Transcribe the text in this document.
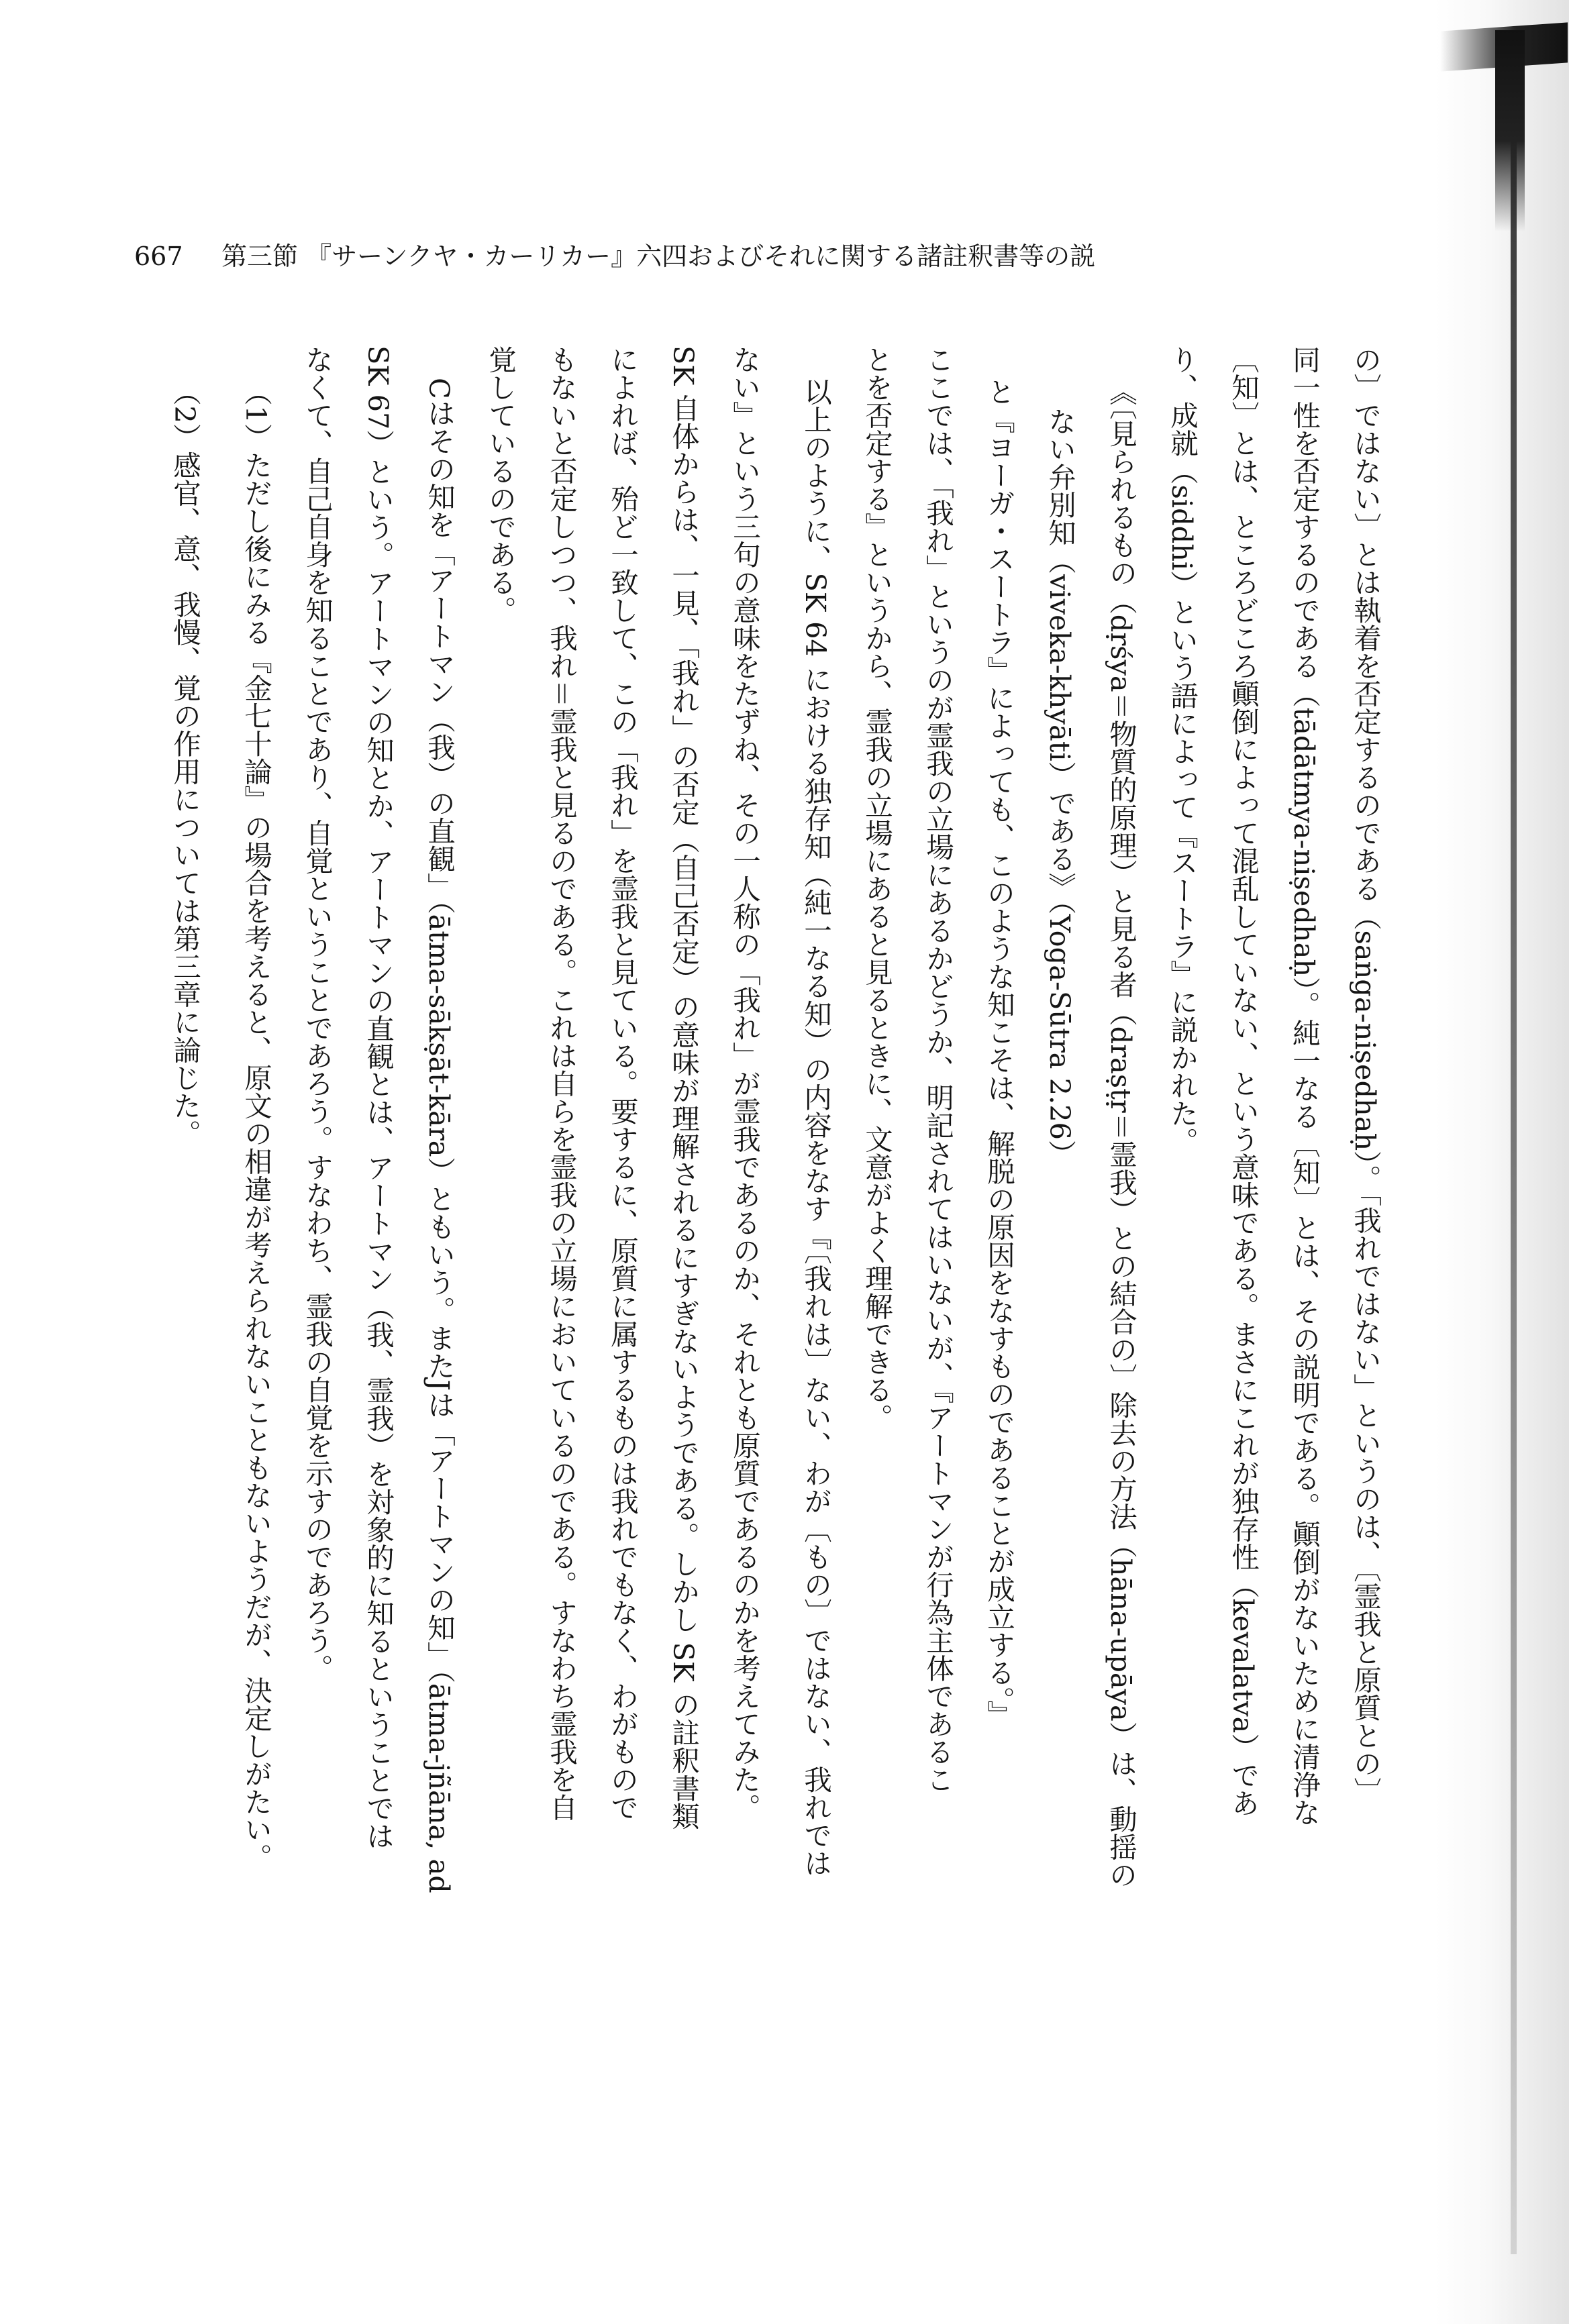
667 第三節 『サーンクヤ・カーリカー』六四およびそれに関する諸註釈書等の説
の〕ではない〕とは執着を否定するのである（saṅga-niṣedhaḥ）。「我れではない」というのは、〔霊我と原質との〕
同一性を否定するのである（tādātmya-niṣedhaḥ）。純一なる〔知〕とは、その説明である。顚倒がないために清浄な
〔知〕とは、ところどころ顚倒によって混乱していない、という意味である。まさにこれが独存性（kevalatva）であ
り、成就（siddhi）という語によって『スートラ』に説かれた。
《〔見られるもの（dṛśya＝物質的原理）と見る者（draṣṭṛ＝霊我）との結合の〕除去の方法（hāna-upāya）は、動揺の
ない弁別知（viveka-khyāti）である》（Yoga-Sūtra 2.26）
と『ヨーガ・スートラ』によっても、このような知こそは、解脱の原因をなすものであることが成立する。』
ここでは、「我れ」というのが霊我の立場にあるかどうか、明記されてはいないが、『アートマンが行為主体であるこ
とを否定する』というから、霊我の立場にあると見るときに、文意がよく理解できる。
以上のように、SK 64 における独存知（純一なる知）の内容をなす『〔我れは〕ない、わが〔もの〕ではない、我れでは
ない』という三句の意味をたずね、その一人称の「我れ」が霊我であるのか、それとも原質であるのかを考えてみた。
SK 自体からは、一見、「我れ」の否定（自己否定）の意味が理解されるにすぎないようである。しかし SK の註釈書類
によれば、殆ど一致して、この「我れ」を霊我と見ている。要するに、原質に属するものは我れでもなく、わがもので
もないと否定しつつ、我れ＝霊我と見るのである。これは自らを霊我の立場においているのである。すなわち霊我を自
覚しているのである。
Cはその知を「アートマン（我）の直観」（ātma-sākṣāt-kāra）ともいう。またJは「アートマンの知」（ātma-jñāna, ad
SK 67）という。アートマンの知とか、アートマンの直観とは、アートマン（我、霊我）を対象的に知るということでは
なくて、自己自身を知ることであり、自覚ということであろう。すなわち、霊我の自覚を示すのであろう。
（1）ただし後にみる『金七十論』の場合を考えると、原文の相違が考えられないこともないようだが、決定しがたい。
（2）感官、意、我慢、覚の作用については第三章に論じた。
